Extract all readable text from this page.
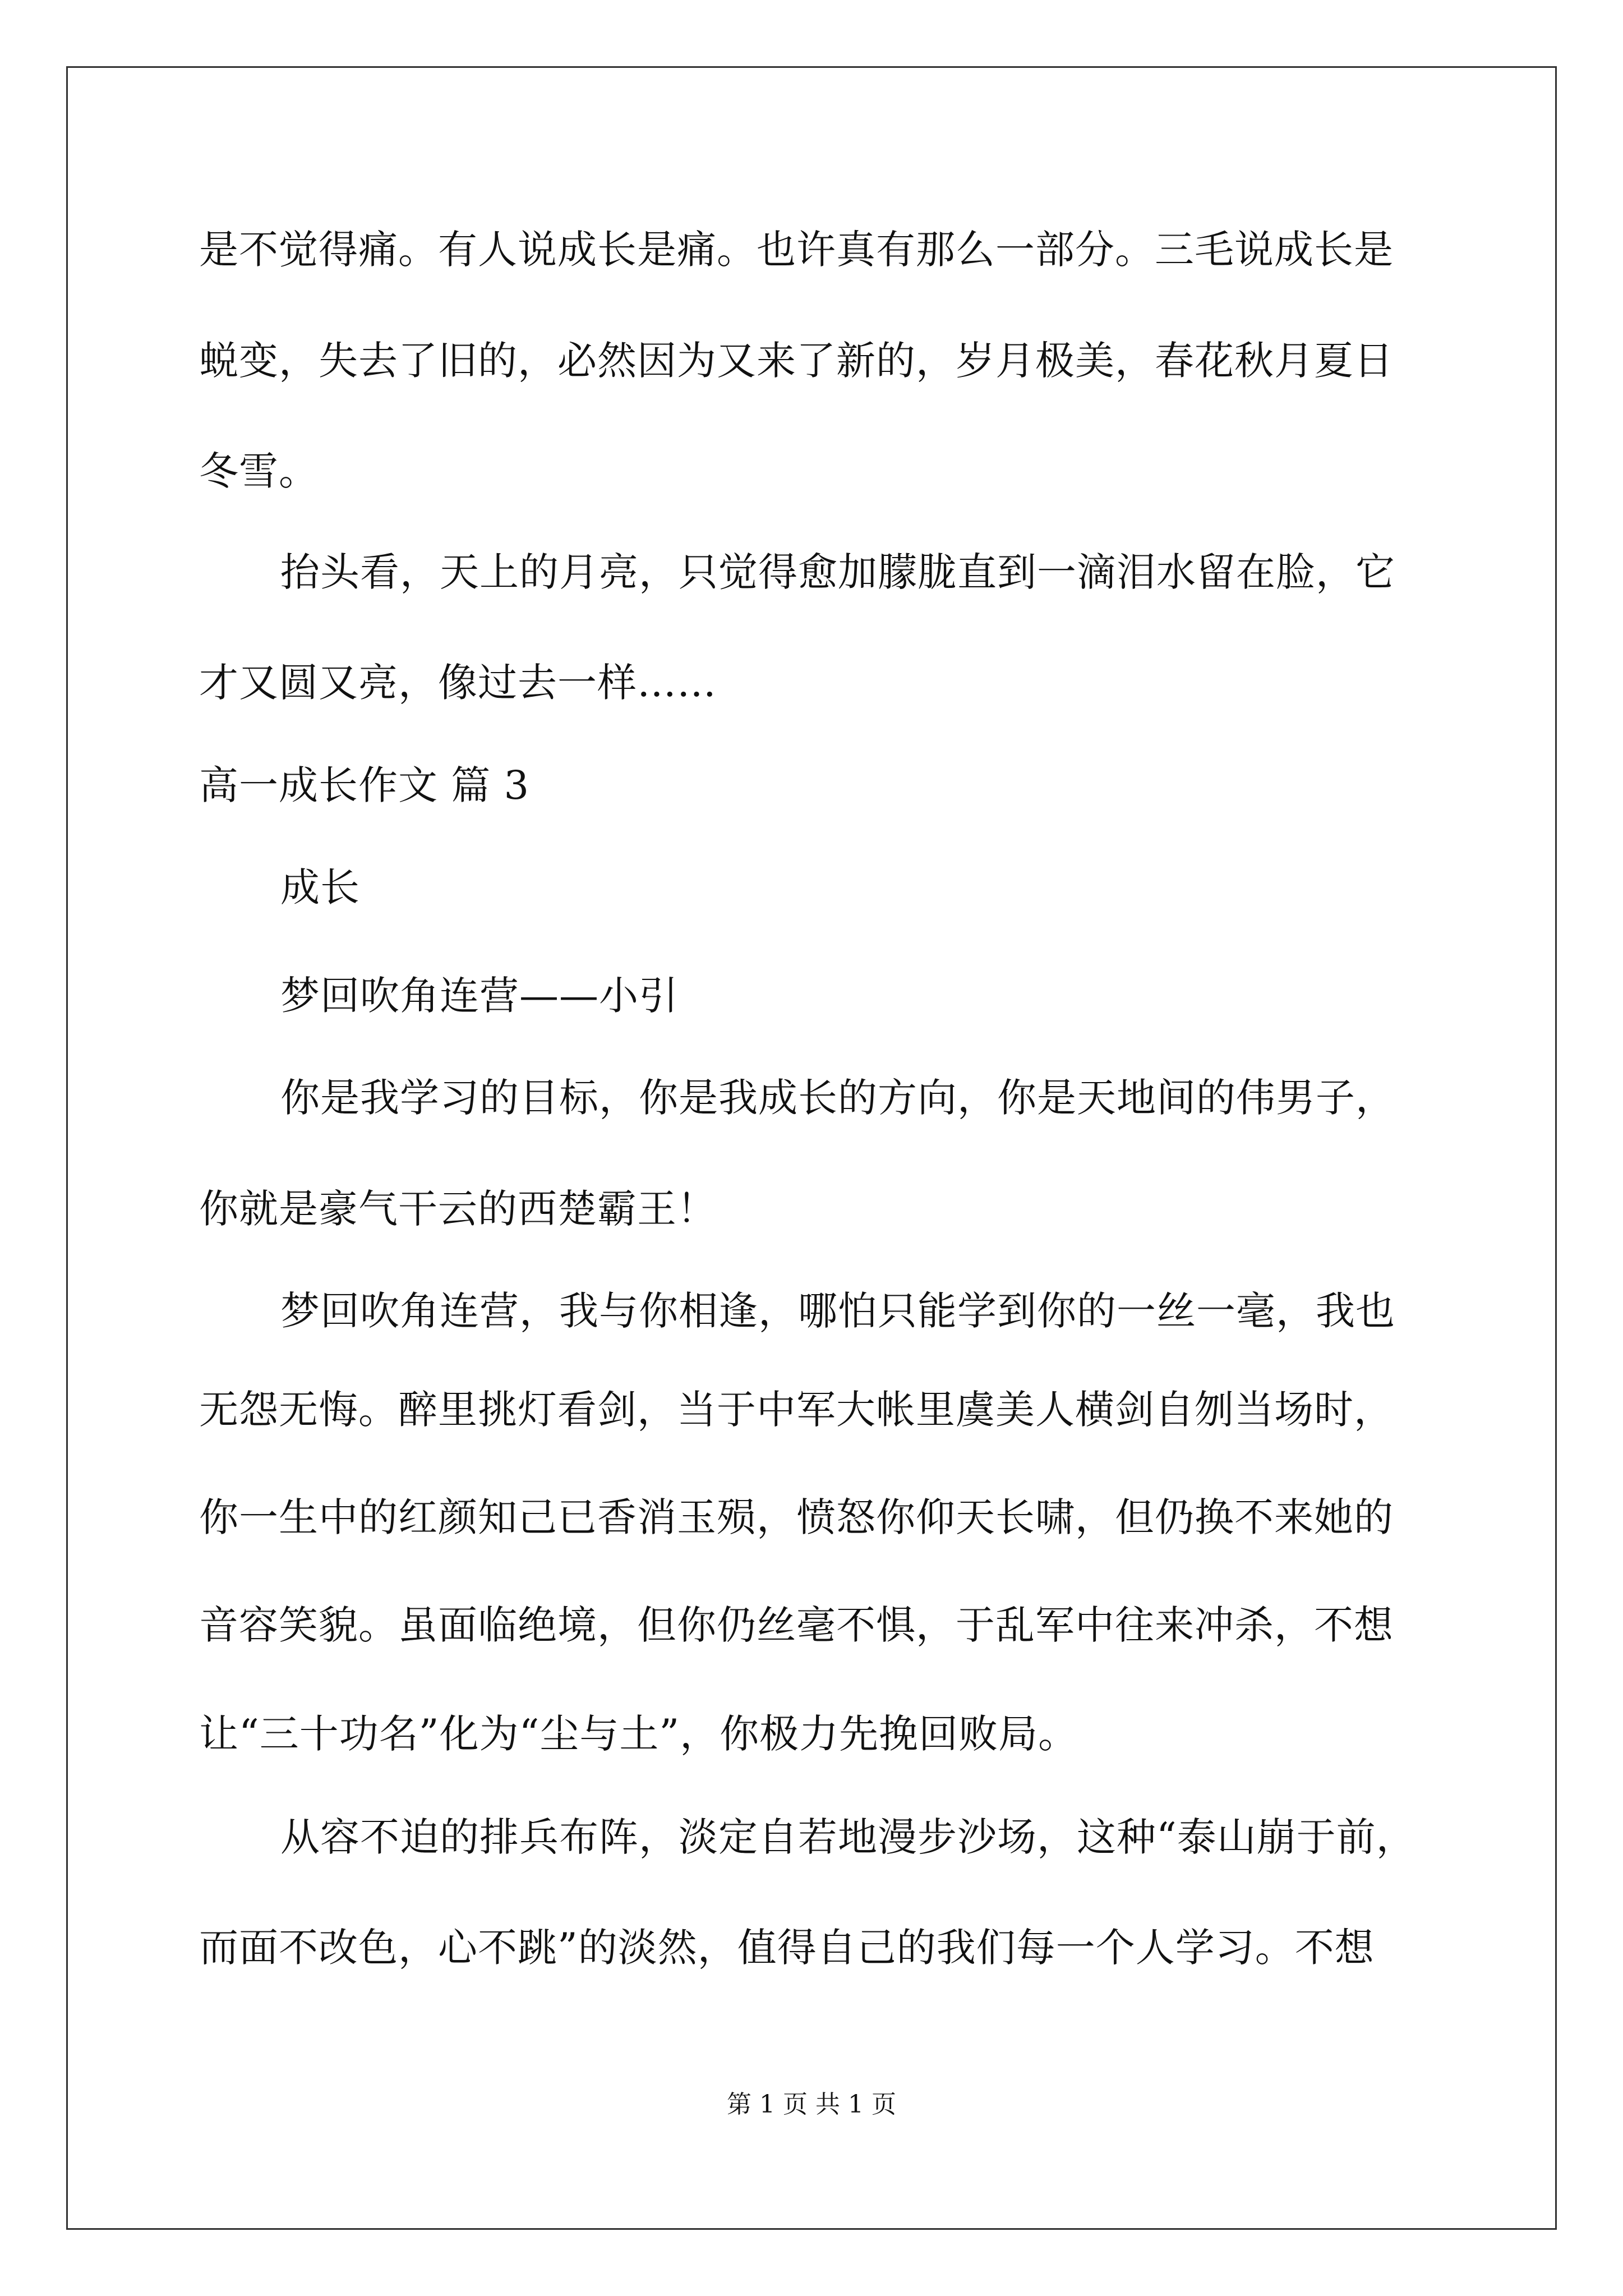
是不觉得痛。有人说成长是痛。也许真有那么一部分。三毛说成长是
蜕变，失去了旧的，必然因为又来了新的，岁月极美，春花秋月夏日
冬雪。
抬头看，天上的月亮，只觉得愈加朦胧直到一滴泪水留在脸，它
才又圆又亮，像过去一样……
高一成长作文 篇 3
成长
梦回吹角连营——小引
你是我学习的目标，你是我成长的方向，你是天地间的伟男子，
你就是豪气干云的西楚霸王！
梦回吹角连营，我与你相逢，哪怕只能学到你的一丝一毫，我也
无怨无悔。醉里挑灯看剑，当于中军大帐里虞美人横剑自刎当场时，
你一生中的红颜知己已香消玉殒，愤怒你仰天长啸，但仍换不来她的
音容笑貌。虽面临绝境，但你仍丝毫不惧，于乱军中往来冲杀，不想
让“三十功名”化为“尘与土”，你极力先挽回败局。
从容不迫的排兵布阵，淡定自若地漫步沙场，这种“泰山崩于前，
而面不改色，心不跳”的淡然，值得自己的我们每一个人学习。不想
第 1 页 共 1 页
